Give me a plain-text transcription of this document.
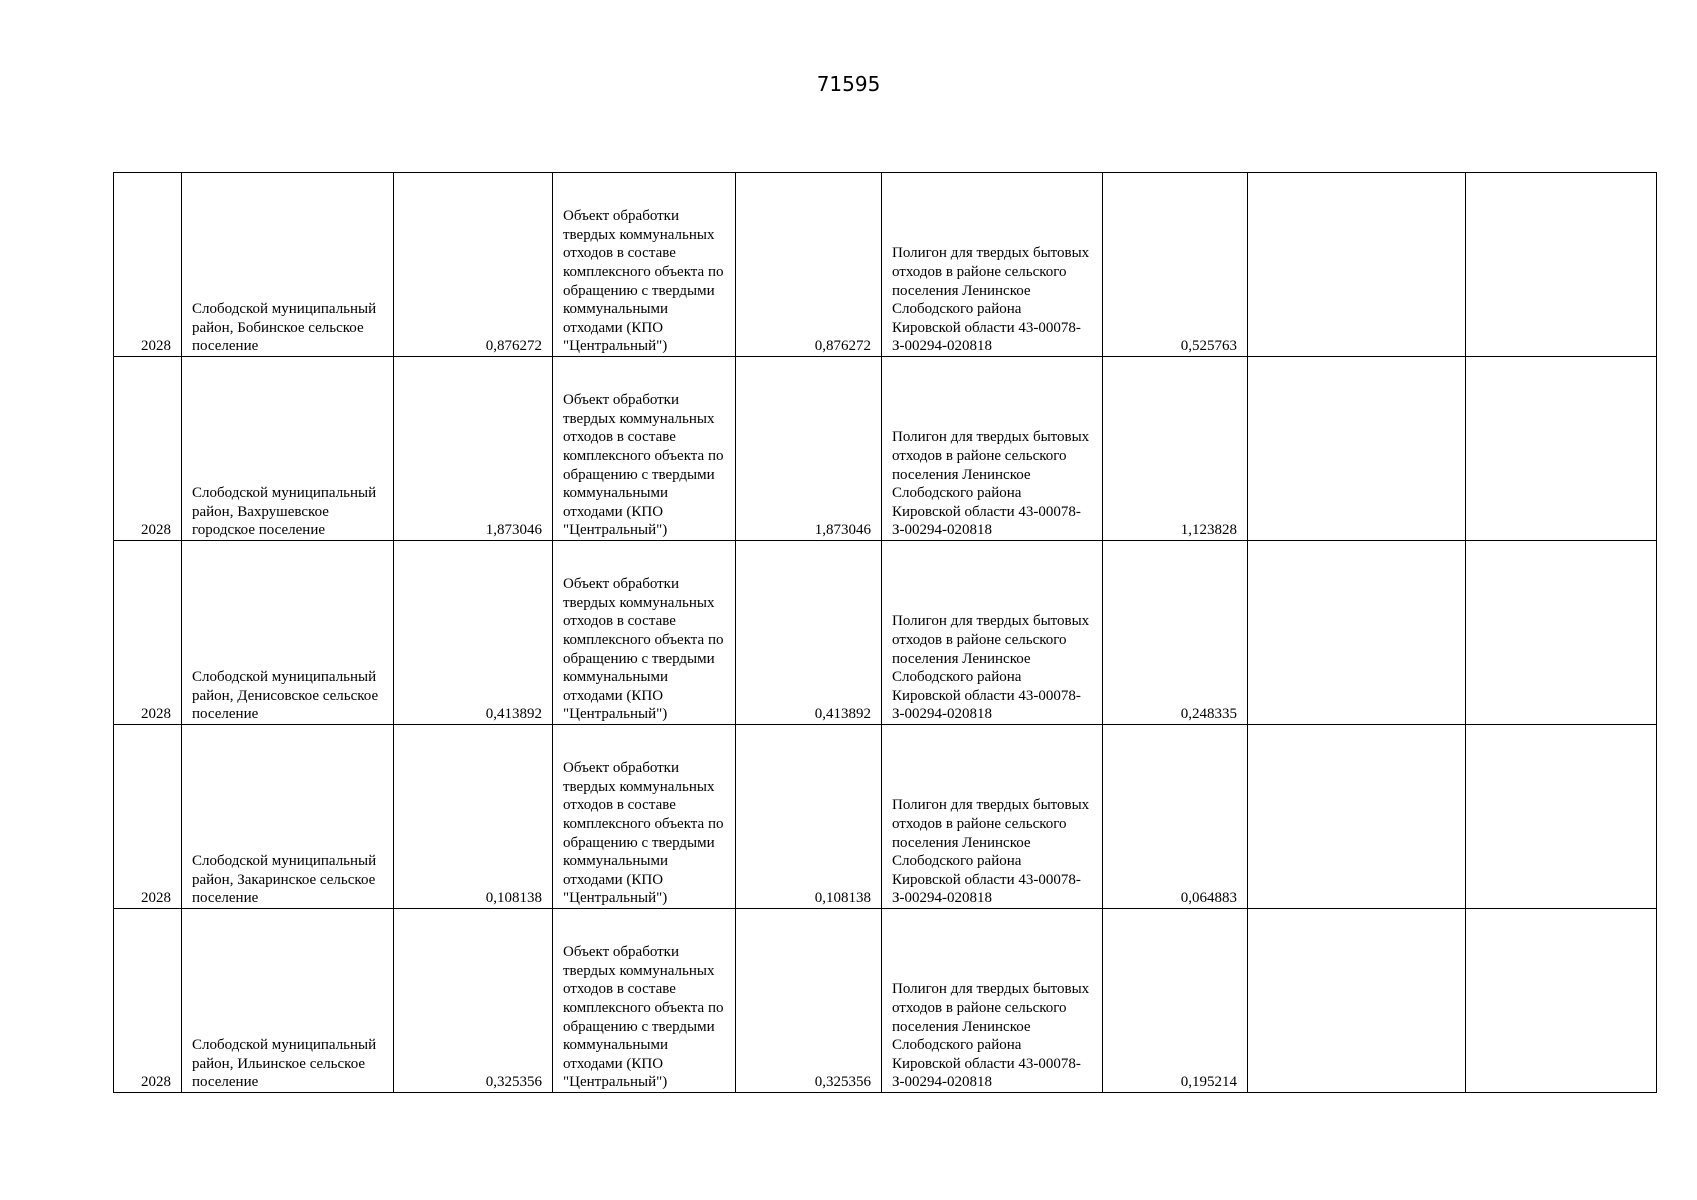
71595
2028	Слободской муниципальный район, Бобинское сельское поселение	0,876272	Объект обработки твердых коммунальных отходов в составе комплексного объекта по обращению с твердыми коммунальными отходами (КПО "Центральный")	0,876272	Полигон для твердых бытовых отходов в районе сельского поселения Ленинское Слободского района Кировской области 43-00078-З-00294-020818	0,525763		
2028	Слободской муниципальный район, Вахрушевское городское поселение	1,873046	Объект обработки твердых коммунальных отходов в составе комплексного объекта по обращению с твердыми коммунальными отходами (КПО "Центральный")	1,873046	Полигон для твердых бытовых отходов в районе сельского поселения Ленинское Слободского района Кировской области 43-00078-З-00294-020818	1,123828		
2028	Слободской муниципальный район, Денисовское сельское поселение	0,413892	Объект обработки твердых коммунальных отходов в составе комплексного объекта по обращению с твердыми коммунальными отходами (КПО "Центральный")	0,413892	Полигон для твердых бытовых отходов в районе сельского поселения Ленинское Слободского района Кировской области 43-00078-З-00294-020818	0,248335		
2028	Слободской муниципальный район, Закаринское сельское поселение	0,108138	Объект обработки твердых коммунальных отходов в составе комплексного объекта по обращению с твердыми коммунальными отходами (КПО "Центральный")	0,108138	Полигон для твердых бытовых отходов в районе сельского поселения Ленинское Слободского района Кировской области 43-00078-З-00294-020818	0,064883		
2028	Слободской муниципальный район, Ильинское сельское поселение	0,325356	Объект обработки твердых коммунальных отходов в составе комплексного объекта по обращению с твердыми коммунальными отходами (КПО "Центральный")	0,325356	Полигон для твердых бытовых отходов в районе сельского поселения Ленинское Слободского района Кировской области 43-00078-З-00294-020818	0,195214		
